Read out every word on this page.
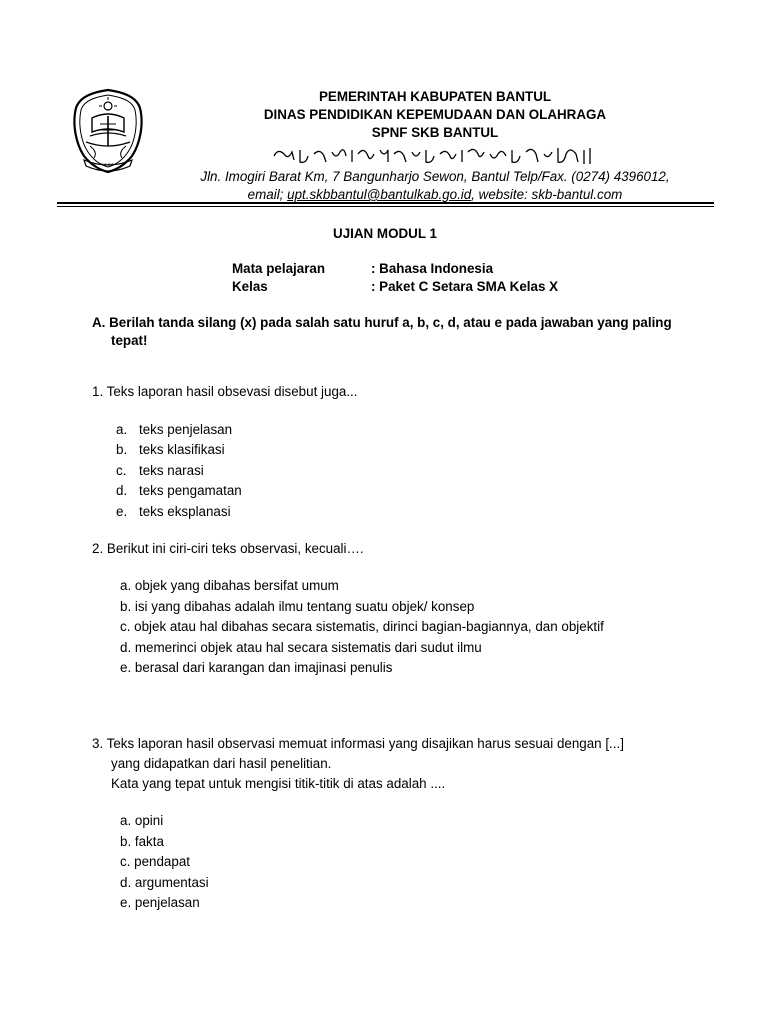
PEMERINTAH KABUPATEN BANTUL
DINAS PENDIDIKAN KEPEMUDAAN DAN OLAHRAGA
SPNF SKB BANTUL
Jln. Imogiri Barat Km, 7 Bangunharjo Sewon, Bantul Telp/Fax. (0274) 4396012,
email; upt.skbbantul@bantulkab.go.id, website: skb-bantul.com
UJIAN MODUL 1
Mata pelajaran	: Bahasa Indonesia
Kelas	: Paket C Setara SMA Kelas X
A. Berilah tanda silang (x) pada salah satu huruf a, b, c, d, atau e pada jawaban yang paling
tepat!
1. Teks laporan hasil obsevasi disebut juga...
a. teks penjelasan
b. teks klasifikasi
c. teks narasi
d. teks pengamatan
e. teks eksplanasi
2. Berikut ini ciri-ciri teks observasi, kecuali….
a. objek yang dibahas bersifat umum
b. isi yang dibahas adalah ilmu tentang suatu objek/ konsep
c. objek atau hal dibahas secara sistematis, dirinci bagian-bagiannya, dan objektif
d. memerinci objek atau hal secara sistematis dari sudut ilmu
e. berasal dari karangan dan imajinasi penulis
3. Teks laporan hasil observasi memuat informasi yang disajikan harus sesuai dengan [...]
yang didapatkan dari hasil penelitian.
Kata yang tepat untuk mengisi titik-titik di atas adalah ....
a. opini
b. fakta
c. pendapat
d. argumentasi
e. penjelasan
